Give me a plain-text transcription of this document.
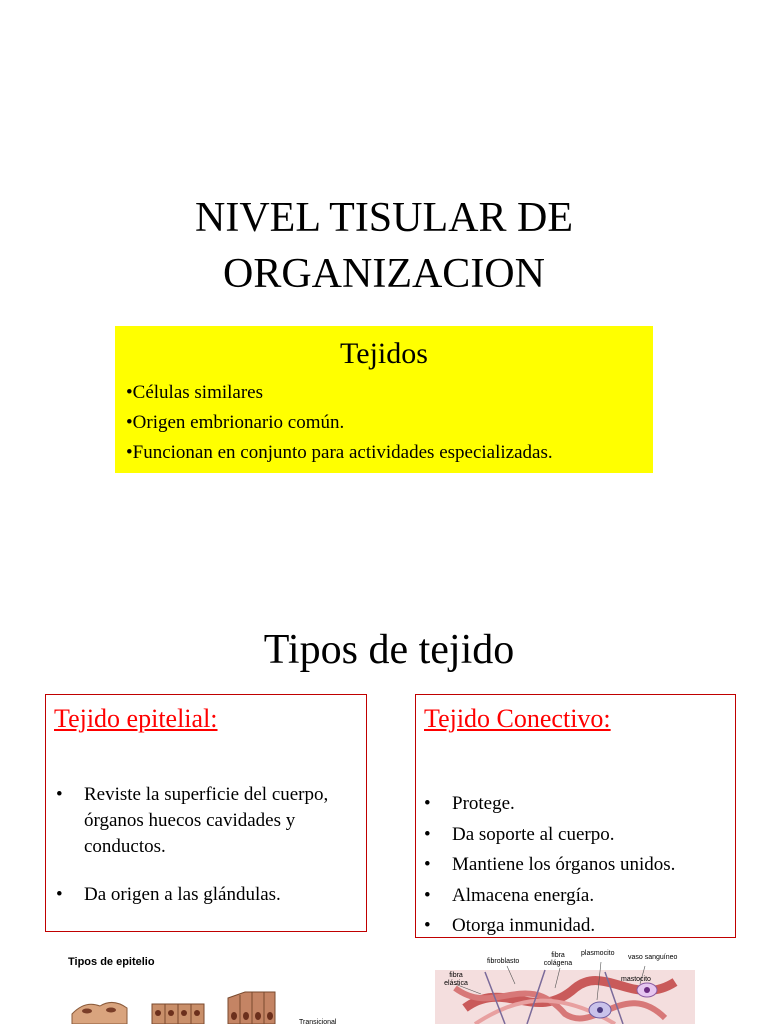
NIVEL TISULAR DE
ORGANIZACION
Tejidos
•Células similares
•Origen embrionario común.
•Funcionan en conjunto para actividades especializadas.
Tipos de tejido
Tejido epitelial:
•	Reviste la superficie del cuerpo, órganos huecos cavidades y conductos.
•	Da origen a las glándulas.
Tejido Conectivo:
•	Protege.
•	Da soporte al cuerpo.
•	Mantiene los órganos unidos.
•	Almacena energía.
•	Otorga inmunidad.
Tipos de epitelio
Transicional
fibroblasto
fibra colágena
plasmocito
vaso sanguíneo
fibra elástica
mastocito
